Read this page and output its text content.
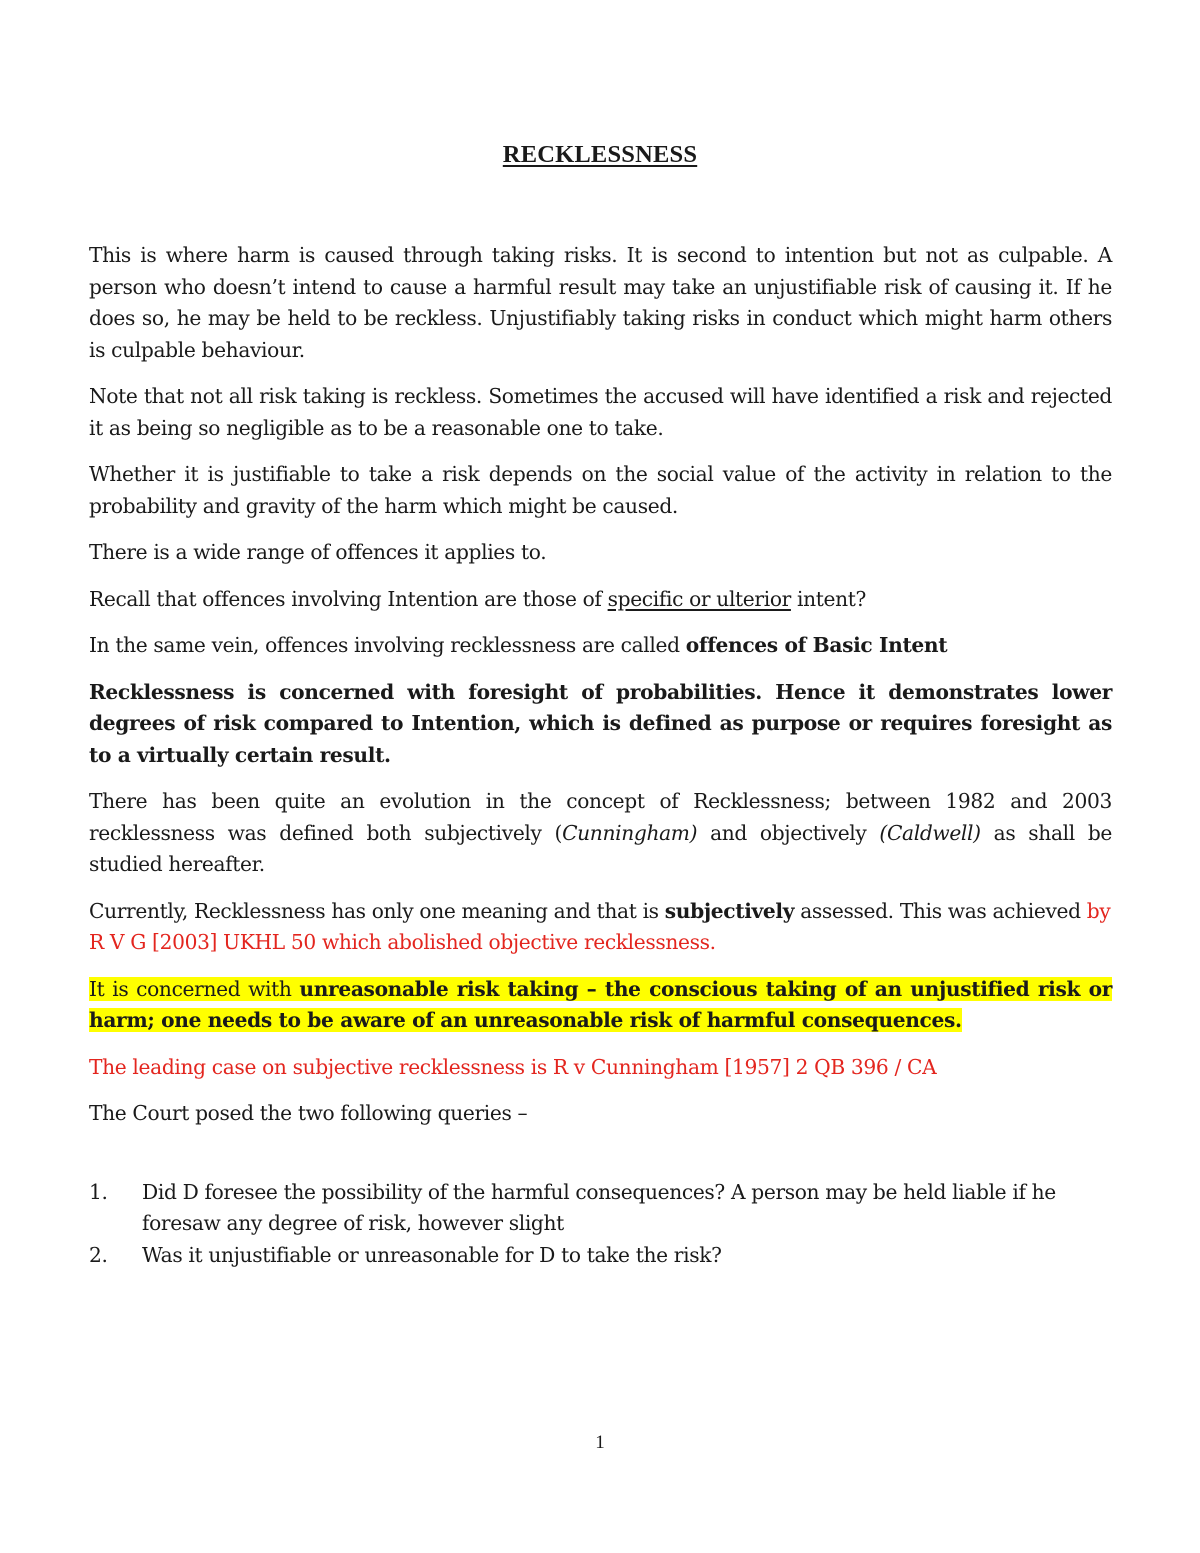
RECKLESSNESS

This is where harm is caused through taking risks. It is second to intention but not as culpable. A person who doesn’t intend to cause a harmful result may take an unjustifiable risk of causing it. If he does so, he may be held to be reckless. Unjustifiably taking risks in conduct which might harm others is culpable behaviour.

Note that not all risk taking is reckless. Sometimes the accused will have identified a risk and rejected it as being so negligible as to be a reasonable one to take.

Whether it is justifiable to take a risk depends on the social value of the activity in relation to the probability and gravity of the harm which might be caused.

There is a wide range of offences it applies to.

Recall that offences involving Intention are those of specific or ulterior intent?

In the same vein, offences involving recklessness are called offences of Basic Intent

Recklessness is concerned with foresight of probabilities. Hence it demonstrates lower degrees of risk compared to Intention, which is defined as purpose or requires foresight as to a virtually certain result.

There has been quite an evolution in the concept of Recklessness; between 1982 and 2003 recklessness was defined both subjectively (Cunningham) and objectively (Caldwell) as shall be studied hereafter.

Currently, Recklessness has only one meaning and that is subjectively assessed. This was achieved by R V G [2003] UKHL 50 which abolished objective recklessness.

It is concerned with unreasonable risk taking – the conscious taking of an unjustified risk or harm; one needs to be aware of an unreasonable risk of harmful consequences.

The leading case on subjective recklessness is R v Cunningham [1957] 2 QB 396 / CA

The Court posed the two following queries –

1.	Did D foresee the possibility of the harmful consequences? A person may be held liable if he foresaw any degree of risk, however slight
2.	Was it unjustifiable or unreasonable for D to take the risk?
1
